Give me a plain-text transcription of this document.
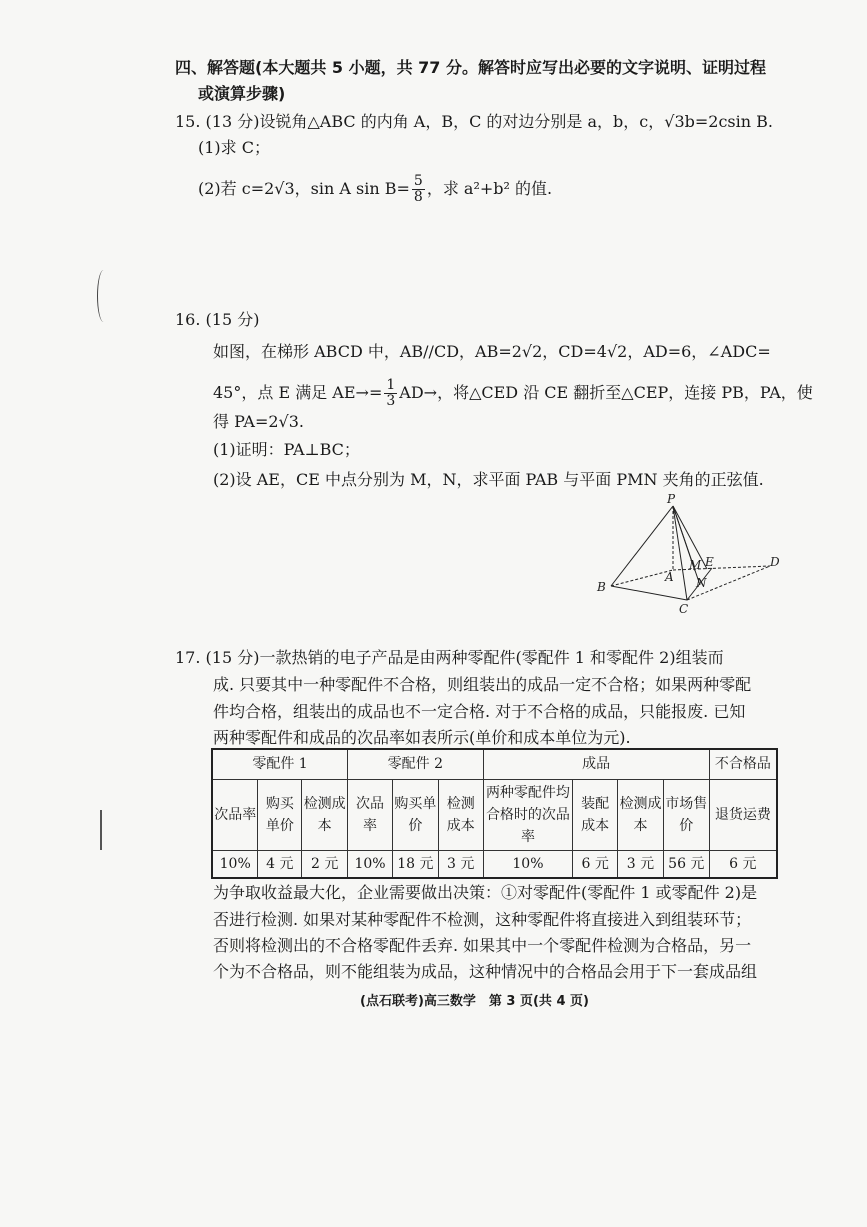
四、解答题(本大题共 5 小题，共 77 分。解答时应写出必要的文字说明、证明过程
或演算步骤)
15. (13 分)设锐角△ABC 的内角 A，B，C 的对边分别是 a，b，c，√3b=2csin B.
(1)求 C；
(2)若 c=2√3，sin A $\sin B= \frac{5}{8}$ ，求 a²+b² 的值.
16. (15 分)
如图，在梯形 ABCD 中，AB//CD，AB=2√2，CD=4√2，AD=6，∠ADC=
45°，点 E 满足 $AE\to= \frac{1}{3} AD\to$，将△CED 沿 CE 翻折至△CEP，连接 PB，PA，使
得 PA=2√3.
(1)证明：PA⊥BC；
(2)设 AE，CE 中点分别为 M，N，求平面 PAB 与平面 PMN 夹角的正弦值.
P
B
A
M E
N
C
D
17. (15 分)一款热销的电子产品是由两种零配件(零配件 1 和零配件 2)组装而
成. 只要其中一种零配件不合格，则组装出的成品一定不合格；如果两种零配
件均合格，组装出的成品也不一定合格. 对于不合格的成品，只能报废. 已知
两种零配件和成品的次品率如表所示(单价和成本单位为元).
零配件 1			零配件 2			成品				不合格品
次品率	购买单价	检测成本	次品率	购买单价	检测成本	两种零配件均合格时的次品率	装配成本	检测成本	市场售价	退货运费
10%	4 元	2 元	10%	18 元	3 元	10%	6 元	3 元	56 元	6 元
为争取收益最大化，企业需要做出决策：①对零配件(零配件 1 或零配件 2)是
否进行检测. 如果对某种零配件不检测，这种零配件将直接进入到组装环节；
否则将检测出的不合格零配件丢弃. 如果其中一个零配件检测为合格品，另一
个为不合格品，则不能组装为成品，这种情况中的合格品会用于下一套成品组
(点石联考)高三数学　第 3 页(共 4 页)
